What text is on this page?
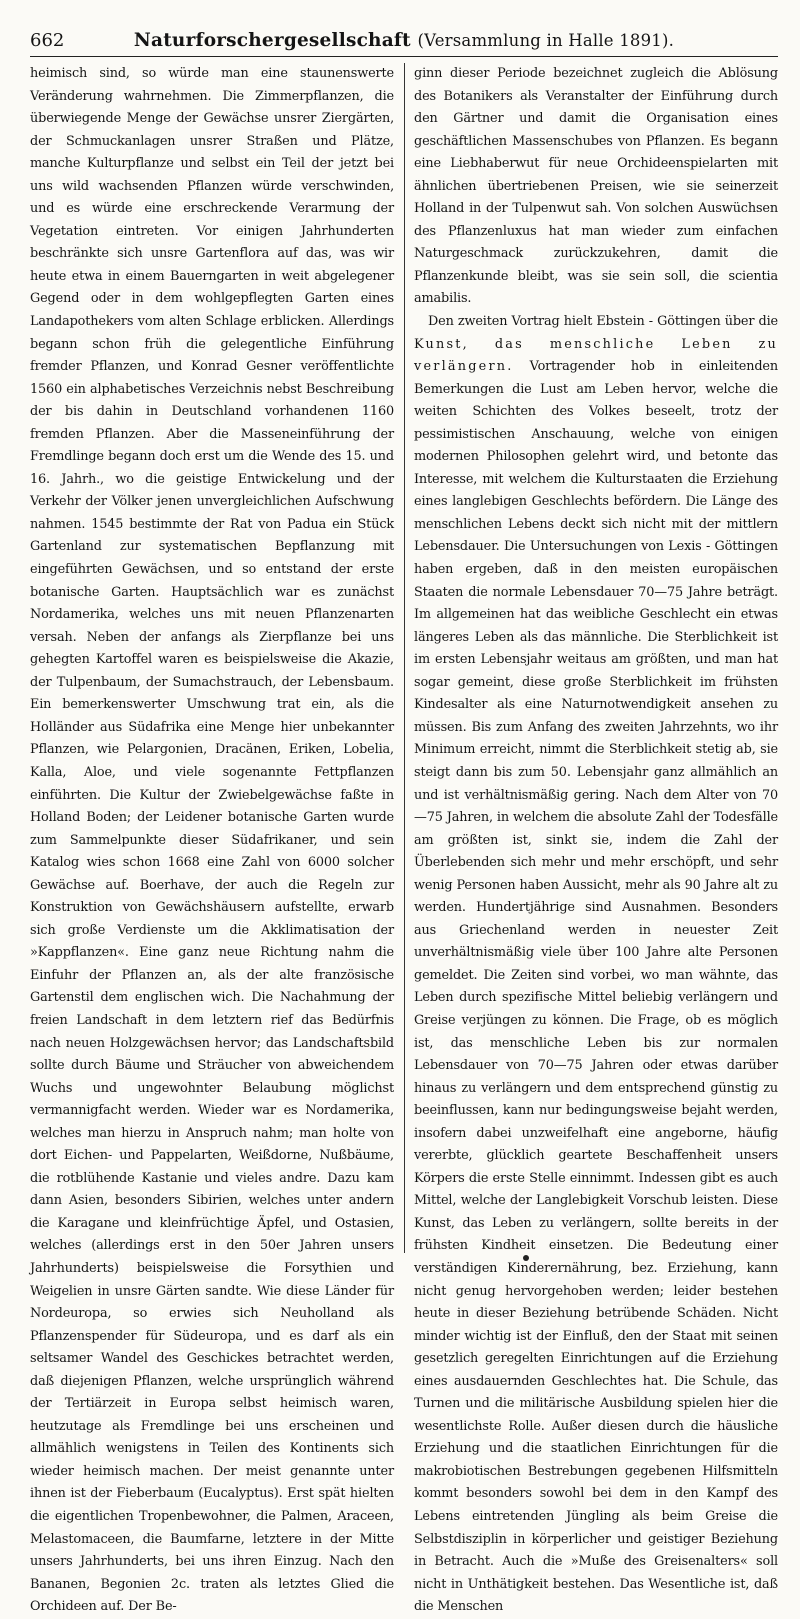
662	Naturforschergesellschaft (Versammlung in Halle 1891).

heimisch sind, so würde man eine staunenswerte Veränderung wahrnehmen. Die Zimmerpflanzen, die überwiegende Menge der Gewächse unsrer Ziergärten, der Schmuckanlagen unsrer Straßen und Plätze, manche Kulturpflanze und selbst ein Teil der jetzt bei uns wild wachsenden Pflanzen würde verschwinden, und es würde eine erschreckende Verarmung der Vegetation eintreten. Vor einigen Jahrhunderten beschränkte sich unsre Gartenflora auf das, was wir heute etwa in einem Bauerngarten in weit abgelegener Gegend oder in dem wohlgepflegten Garten eines Landapothekers vom alten Schlage erblicken. Allerdings begann schon früh die gelegentliche Einführung fremder Pflanzen, und Konrad Gesner veröffentlichte 1560 ein alphabetisches Verzeichnis nebst Beschreibung der bis dahin in Deutschland vorhandenen 1160 fremden Pflanzen. Aber die Masseneinführung der Fremdlinge begann doch erst um die Wende des 15. und 16. Jahrh., wo die geistige Entwickelung und der Verkehr der Völker jenen unvergleichlichen Aufschwung nahmen. 1545 bestimmte der Rat von Padua ein Stück Gartenland zur systematischen Bepflanzung mit eingeführten Gewächsen, und so entstand der erste botanische Garten. Hauptsächlich war es zunächst Nordamerika, welches uns mit neuen Pflanzenarten versah. Neben der anfangs als Zierpflanze bei uns gehegten Kartoffel waren es beispielsweise die Akazie, der Tulpenbaum, der Sumachstrauch, der Lebensbaum. Ein bemerkenswerter Umschwung trat ein, als die Holländer aus Südafrika eine Menge hier unbekannter Pflanzen, wie Pelargonien, Dracänen, Eriken, Lobelia, Kalla, Aloe, und viele sogenannte Fettpflanzen einführten. Die Kultur der Zwiebelgewächse faßte in Holland Boden; der Leidener botanische Garten wurde zum Sammelpunkte dieser Südafrikaner, und sein Katalog wies schon 1668 eine Zahl von 6000 solcher Gewächse auf. Boerhave, der auch die Regeln zur Konstruktion von Gewächshäusern aufstellte, erwarb sich große Verdienste um die Akklimatisation der »Kappflanzen«. Eine ganz neue Richtung nahm die Einfuhr der Pflanzen an, als der alte französische Gartenstil dem englischen wich. Die Nachahmung der freien Landschaft in dem letztern rief das Bedürfnis nach neuen Holzgewächsen hervor; das Landschaftsbild sollte durch Bäume und Sträucher von abweichendem Wuchs und ungewohnter Belaubung möglichst vermannigfacht werden. Wieder war es Nordamerika, welches man hierzu in Anspruch nahm; man holte von dort Eichen- und Pappelarten, Weißdorne, Nußbäume, die rotblühende Kastanie und vieles andre. Dazu kam dann Asien, besonders Sibirien, welches unter andern die Karagane und kleinfrüchtige Äpfel, und Ostasien, welches (allerdings erst in den 50er Jahren unsers Jahrhunderts) beispielsweise die Forsythien und Weigelien in unsre Gärten sandte. Wie diese Länder für Nordeuropa, so erwies sich Neuholland als Pflanzenspender für Südeuropa, und es darf als ein seltsamer Wandel des Geschickes betrachtet werden, daß diejenigen Pflanzen, welche ursprünglich während der Tertiärzeit in Europa selbst heimisch waren, heutzutage als Fremdlinge bei uns erscheinen und allmählich wenigstens in Teilen des Kontinents sich wieder heimisch machen. Der meist genannte unter ihnen ist der Fieberbaum (Eucalyptus). Erst spät hielten die eigentlichen Tropenbewohner, die Palmen, Araceen, Melastomaceen, die Baumfarne, letztere in der Mitte unsers Jahrhunderts, bei uns ihren Einzug. Nach den Bananen, Begonien 2c. traten als letztes Glied die Orchideen auf. Der Be-

ginn dieser Periode bezeichnet zugleich die Ablösung des Botanikers als Veranstalter der Einführung durch den Gärtner und damit die Organisation eines geschäftlichen Massenschubes von Pflanzen. Es begann eine Liebhaberwut für neue Orchideenspielarten mit ähnlichen übertriebenen Preisen, wie sie seinerzeit Holland in der Tulpenwut sah. Von solchen Auswüchsen des Pflanzenluxus hat man wieder zum einfachen Naturgeschmack zurückzukehren, damit die Pflanzenkunde bleibt, was sie sein soll, die scientia amabilis.

Den zweiten Vortrag hielt Ebstein - Göttingen über die Kunst, das menschliche Leben zu verlängern. Vortragender hob in einleitenden Bemerkungen die Lust am Leben hervor, welche die weiten Schichten des Volkes beseelt, trotz der pessimistischen Anschauung, welche von einigen modernen Philosophen gelehrt wird, und betonte das Interesse, mit welchem die Kulturstaaten die Erziehung eines langlebigen Geschlechts befördern. Die Länge des menschlichen Lebens deckt sich nicht mit der mittlern Lebensdauer. Die Untersuchungen von Lexis - Göttingen haben ergeben, daß in den meisten europäischen Staaten die normale Lebensdauer 70—75 Jahre beträgt. Im allgemeinen hat das weibliche Geschlecht ein etwas längeres Leben als das männliche. Die Sterblichkeit ist im ersten Lebensjahr weitaus am größten, und man hat sogar gemeint, diese große Sterblichkeit im frühsten Kindesalter als eine Naturnotwendigkeit ansehen zu müssen. Bis zum Anfang des zweiten Jahrzehnts, wo ihr Minimum erreicht, nimmt die Sterblichkeit stetig ab, sie steigt dann bis zum 50. Lebensjahr ganz allmählich an und ist verhältnismäßig gering. Nach dem Alter von 70—75 Jahren, in welchem die absolute Zahl der Todesfälle am größten ist, sinkt sie, indem die Zahl der Überlebenden sich mehr und mehr erschöpft, und sehr wenig Personen haben Aussicht, mehr als 90 Jahre alt zu werden. Hundertjährige sind Ausnahmen. Besonders aus Griechenland werden in neuester Zeit unverhältnismäßig viele über 100 Jahre alte Personen gemeldet. Die Zeiten sind vorbei, wo man wähnte, das Leben durch spezifische Mittel beliebig verlängern und Greise verjüngen zu können. Die Frage, ob es möglich ist, das menschliche Leben bis zur normalen Lebensdauer von 70—75 Jahren oder etwas darüber hinaus zu verlängern und dem entsprechend günstig zu beeinflussen, kann nur bedingungsweise bejaht werden, insofern dabei unzweifelhaft eine angeborne, häufig vererbte, glücklich geartete Beschaffenheit unsers Körpers die erste Stelle einnimmt. Indessen gibt es auch Mittel, welche der Langlebigkeit Vorschub leisten. Diese Kunst, das Leben zu verlängern, sollte bereits in der frühsten Kindheit einsetzen. Die Bedeutung einer verständigen Kinderernährung, bez. Erziehung, kann nicht genug hervorgehoben werden; leider bestehen heute in dieser Beziehung betrübende Schäden. Nicht minder wichtig ist der Einfluß, den der Staat mit seinen gesetzlich geregelten Einrichtungen auf die Erziehung eines ausdauernden Geschlechtes hat. Die Schule, das Turnen und die militärische Ausbildung spielen hier die wesentlichste Rolle. Außer diesen durch die häusliche Erziehung und die staatlichen Einrichtungen für die makrobiotischen Bestrebungen gegebenen Hilfsmitteln kommt besonders sowohl bei dem in den Kampf des Lebens eintretenden Jüngling als beim Greise die Selbstdisziplin in körperlicher und geistiger Beziehung in Betracht. Auch die »Muße des Greisenalters« soll nicht in Unthätigkeit bestehen. Das Wesentliche ist, daß die Menschen
